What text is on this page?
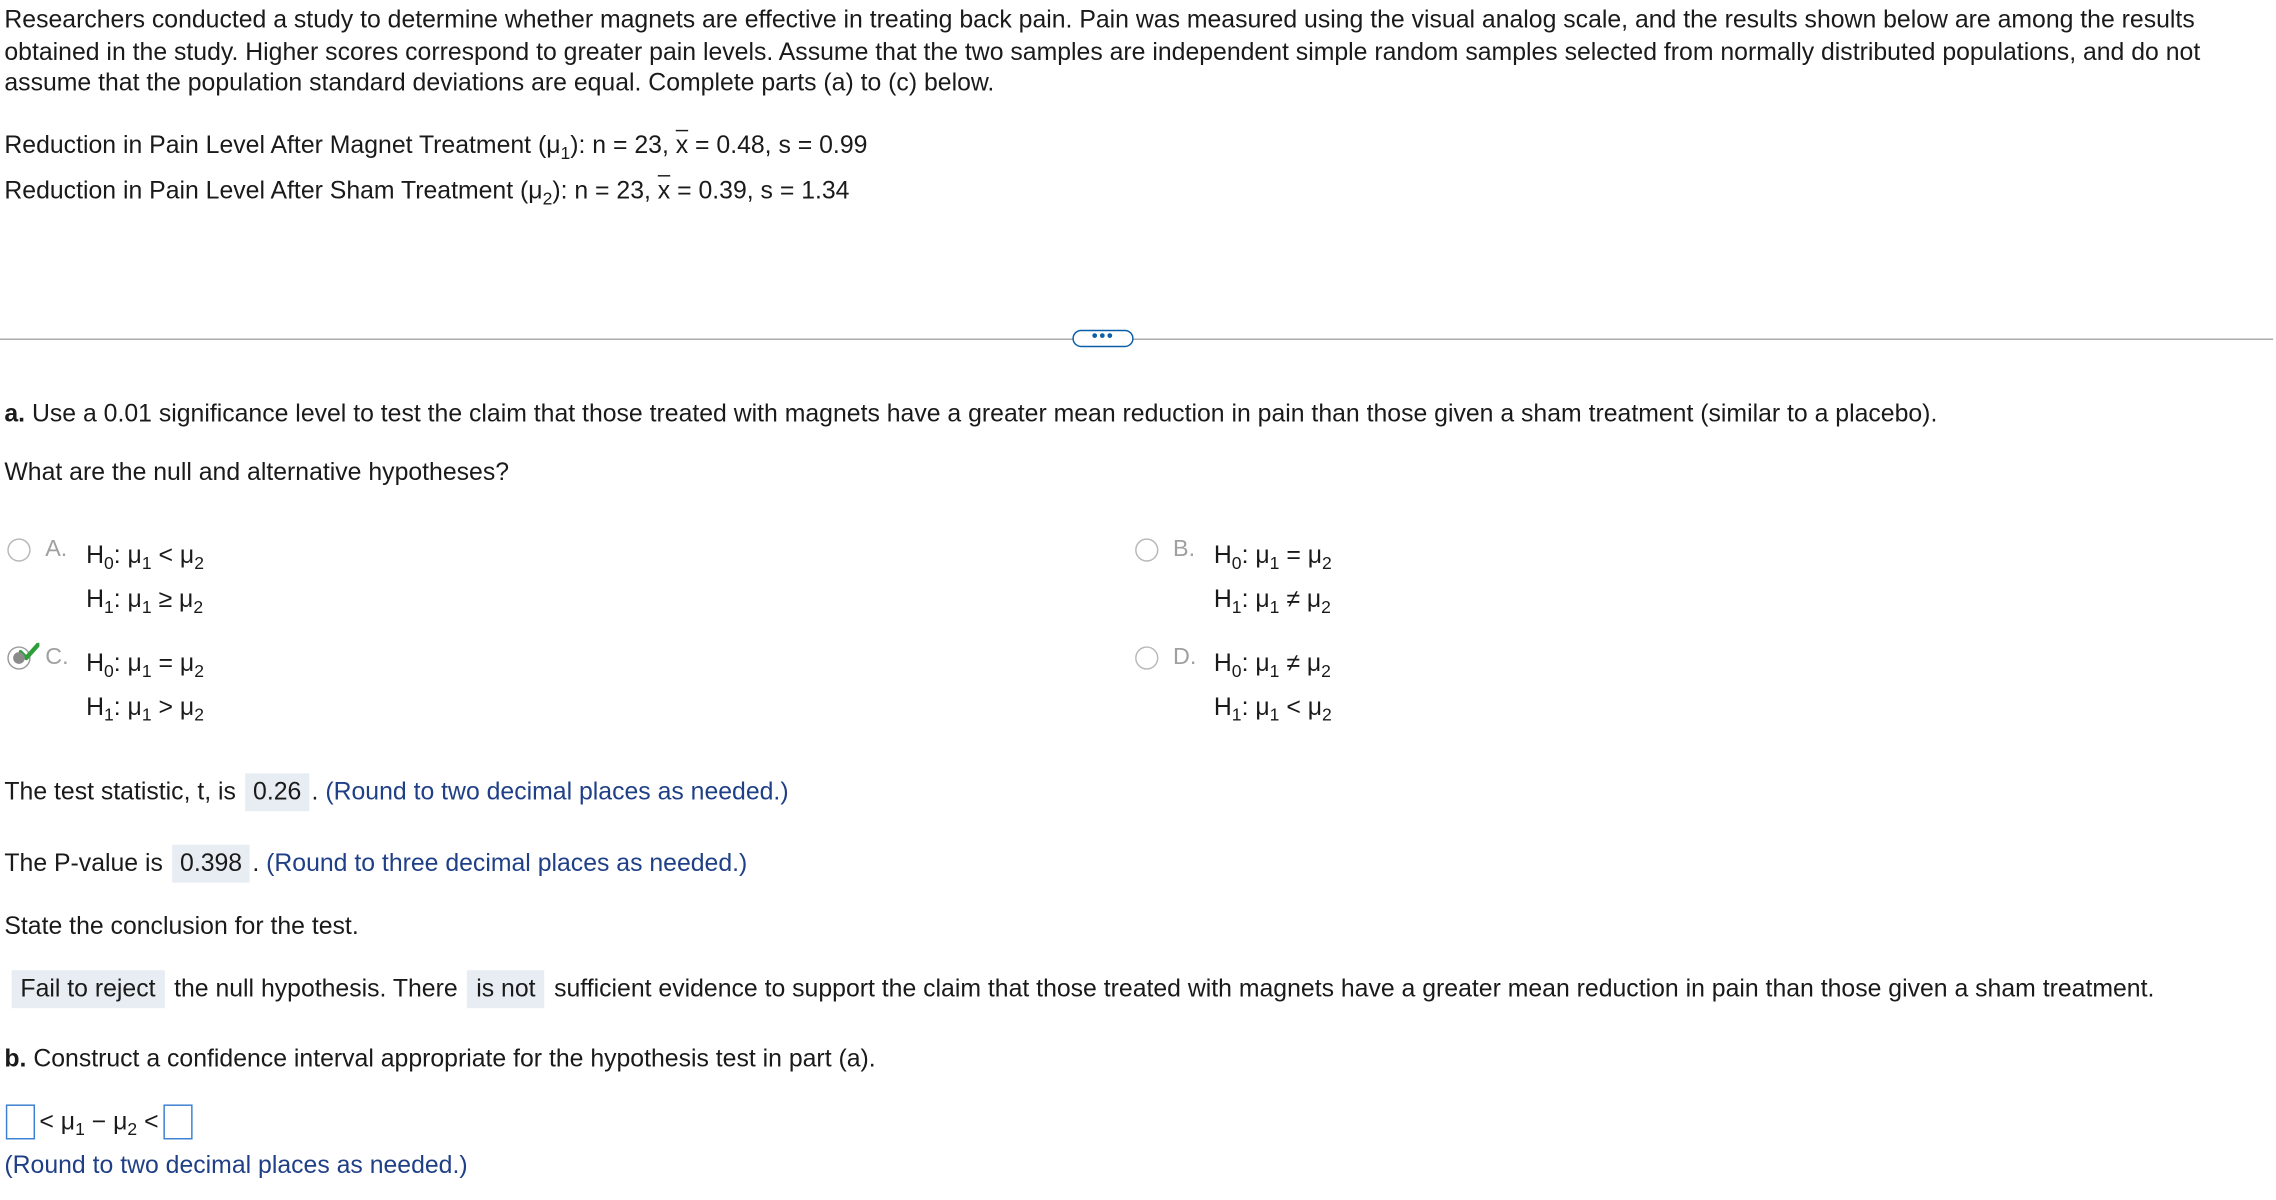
Researchers conducted a study to determine whether magnets are effective in treating back pain. Pain was measured using the visual analog scale, and the results shown below are among the results obtained in the study. Higher scores correspond to greater pain levels. Assume that the two samples are independent simple random samples selected from normally distributed populations, and do not assume that the population standard deviations are equal. Complete parts (a) to (c) below.

Reduction in Pain Level After Magnet Treatment $(\mu_1)$: n = 23, $\overline{x} = 0.48$, s = 0.99
Reduction in Pain Level After Sham Treatment $(\mu_2)$: n = 23, $\overline{x} = 0.39$, s = 1.34
•••
a. Use a 0.01 significance level to test the claim that those treated with magnets have a greater mean reduction in pain than those given a sham treatment (similar to a placebo).
What are the null and alternative hypotheses?
A.	$H_0$: $\mu_1 < \mu_2$
$H_1$: $\mu_1 \ge \mu_2$
B.	$H_0$: $\mu_1 = \mu_2$
$H_1$: $\mu_1 \ne \mu_2$
C.	$H_0$: $\mu_1 = \mu_2$
$H_1$: $\mu_1 > \mu_2$
D.	$H_0$: $\mu_1 \ne \mu_2$
$H_1$: $\mu_1 < \mu_2$
The test statistic, t, is 0.26 . (Round to two decimal places as needed.)
The P-value is 0.398 . (Round to three decimal places as needed.)
State the conclusion for the test.
Fail to reject the null hypothesis. There is not sufficient evidence to support the claim that those treated with magnets have a greater mean reduction in pain than those given a sham treatment.
b. Construct a confidence interval appropriate for the hypothesis test in part (a).
< $\mu_1 - \mu_2$ <
(Round to two decimal places as needed.)
